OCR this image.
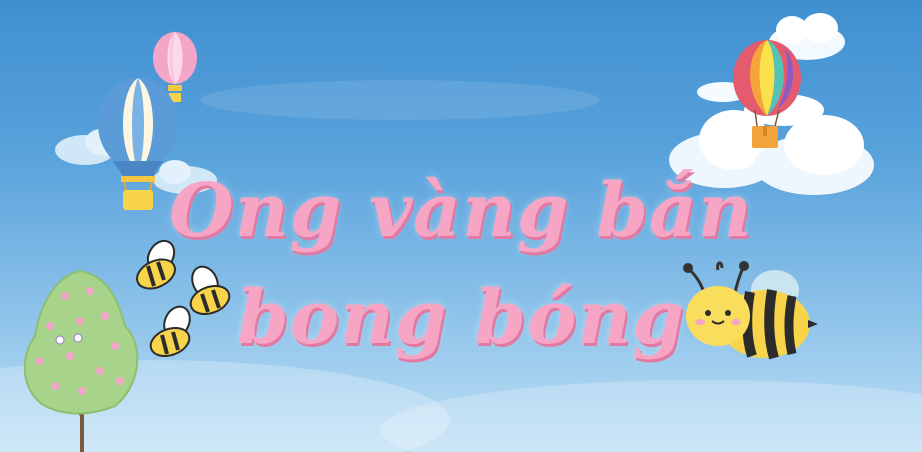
Ong vàng bắn
bong bóng
